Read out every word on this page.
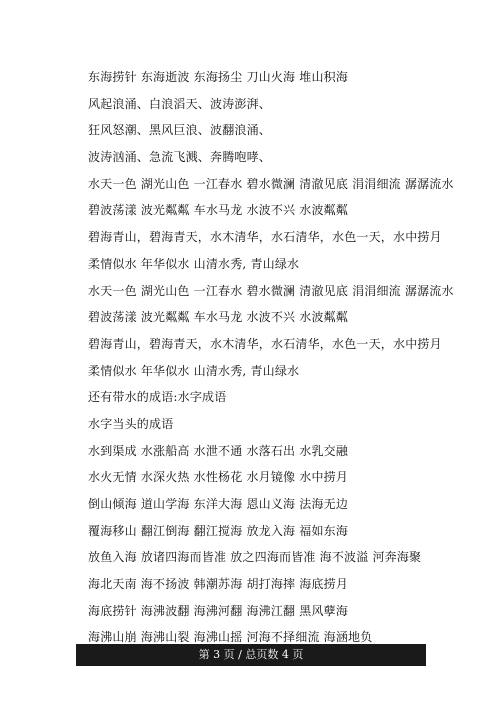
东海捞针 东海逝波 东海扬尘 刀山火海 堆山积海
风起浪涌、白浪滔天、波涛澎湃、
狂风怒潮、黑风巨浪、波翻浪涌、
波涛汹涌、急流飞溅、奔腾咆哮、
水天一色 湖光山色 一江春水 碧水微澜 清澈见底 涓涓细流 潺潺流水
碧波荡漾 波光粼粼 车水马龙 水波不兴 水波粼粼
碧海青山，碧海青天，水木清华，水石清华，水色一天，水中捞月
柔情似水 年华似水 山清水秀, 青山绿水
水天一色 湖光山色 一江春水 碧水微澜 清澈见底 涓涓细流 潺潺流水
碧波荡漾 波光粼粼 车水马龙 水波不兴 水波粼粼
碧海青山，碧海青天，水木清华，水石清华，水色一天，水中捞月
柔情似水 年华似水 山清水秀, 青山绿水
还有带水的成语:水字成语
水字当头的成语
水到渠成 水涨船高 水泄不通 水落石出 水乳交融
水火无情 水深火热 水性杨花 水月镜像 水中捞月
倒山倾海 道山学海 东洋大海 恩山义海 法海无边
覆海移山 翻江倒海 翻江搅海 放龙入海 福如东海
放鱼入海 放诸四海而皆准 放之四海而皆准 海不波溢 河奔海聚
海北天南 海不扬波 韩潮苏海 胡打海摔 海底捞月
海底捞针 海沸波翻 海沸河翻 海沸江翻 黑风孽海
海沸山崩 海沸山裂 海沸山摇 河海不择细流 海涵地负
第 3 页 / 总页数 4 页
